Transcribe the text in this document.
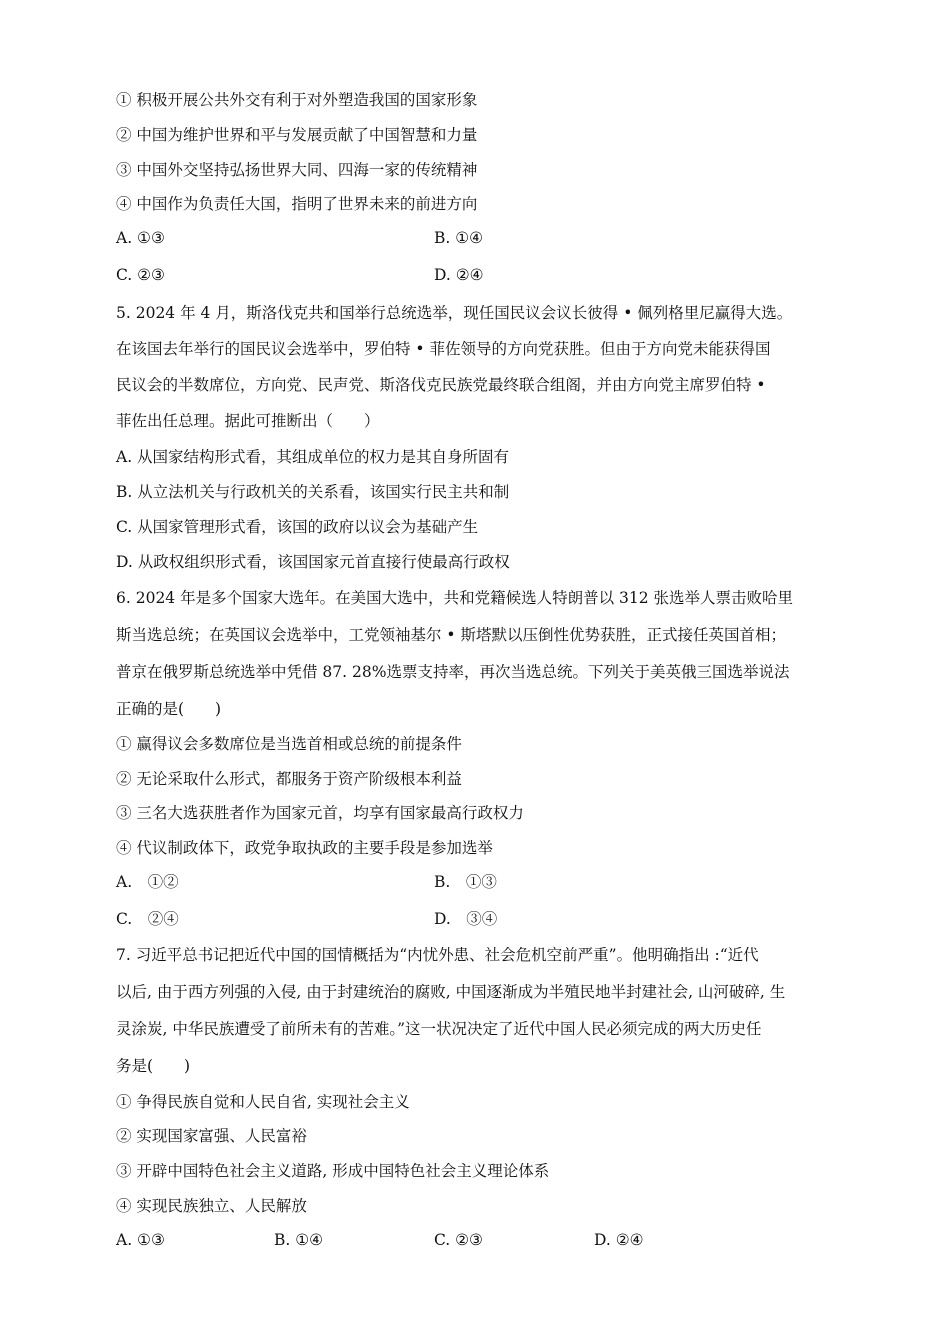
① 积极开展公共外交有利于对外塑造我国的国家形象
② 中国为维护世界和平与发展贡献了中国智慧和力量
③ 中国外交坚持弘扬世界大同、四海一家的传统精神
④ 中国作为负责任大国，指明了世界未来的前进方向
A. ①③	B. ①④
C. ②③	D. ②④
5. 2024 年 4 月，斯洛伐克共和国举行总统选举，现任国民议会议长彼得 • 佩列格里尼赢得大选。
在该国去年举行的国民议会选举中，罗伯特 • 菲佐领导的方向党获胜。但由于方向党未能获得国
民议会的半数席位，方向党、民声党、斯洛伐克民族党最终联合组阁，并由方向党主席罗伯特 •
菲佐出任总理。据此可推断出（　　）
A. 从国家结构形式看，其组成单位的权力是其自身所固有
B. 从立法机关与行政机关的关系看，该国实行民主共和制
C. 从国家管理形式看，该国的政府以议会为基础产生
D. 从政权组织形式看，该国国家元首直接行使最高行政权
6. 2024 年是多个国家大选年。在美国大选中，共和党籍候选人特朗普以 312 张选举人票击败哈里
斯当选总统；在英国议会选举中，工党领袖基尔 • 斯塔默以压倒性优势获胜，正式接任英国首相；
普京在俄罗斯总统选举中凭借 87. 28%选票支持率，再次当选总统。下列关于美英俄三国选举说法
正确的是(　　)
① 赢得议会多数席位是当选首相或总统的前提条件
② 无论采取什么形式，都服务于资产阶级根本利益
③ 三名大选获胜者作为国家元首，均享有国家最高行政权力
④ 代议制政体下，政党争取执政的主要手段是参加选举
A.　①②	B.　①③
C.　②④	D.　③④
7. 习近平总书记把近代中国的国情概括为“内忧外患、社会危机空前严重”。他明确指出 :“近代
以后, 由于西方列强的入侵, 由于封建统治的腐败, 中国逐渐成为半殖民地半封建社会, 山河破碎, 生
灵涂炭, 中华民族遭受了前所未有的苦难。”这一状况决定了近代中国人民必须完成的两大历史任
务是(　　)
① 争得民族自觉和人民自省, 实现社会主义
② 实现国家富强、人民富裕
③ 开辟中国特色社会主义道路, 形成中国特色社会主义理论体系
④ 实现民族独立、人民解放
A. ①③	B. ①④	C. ②③	D. ②④
